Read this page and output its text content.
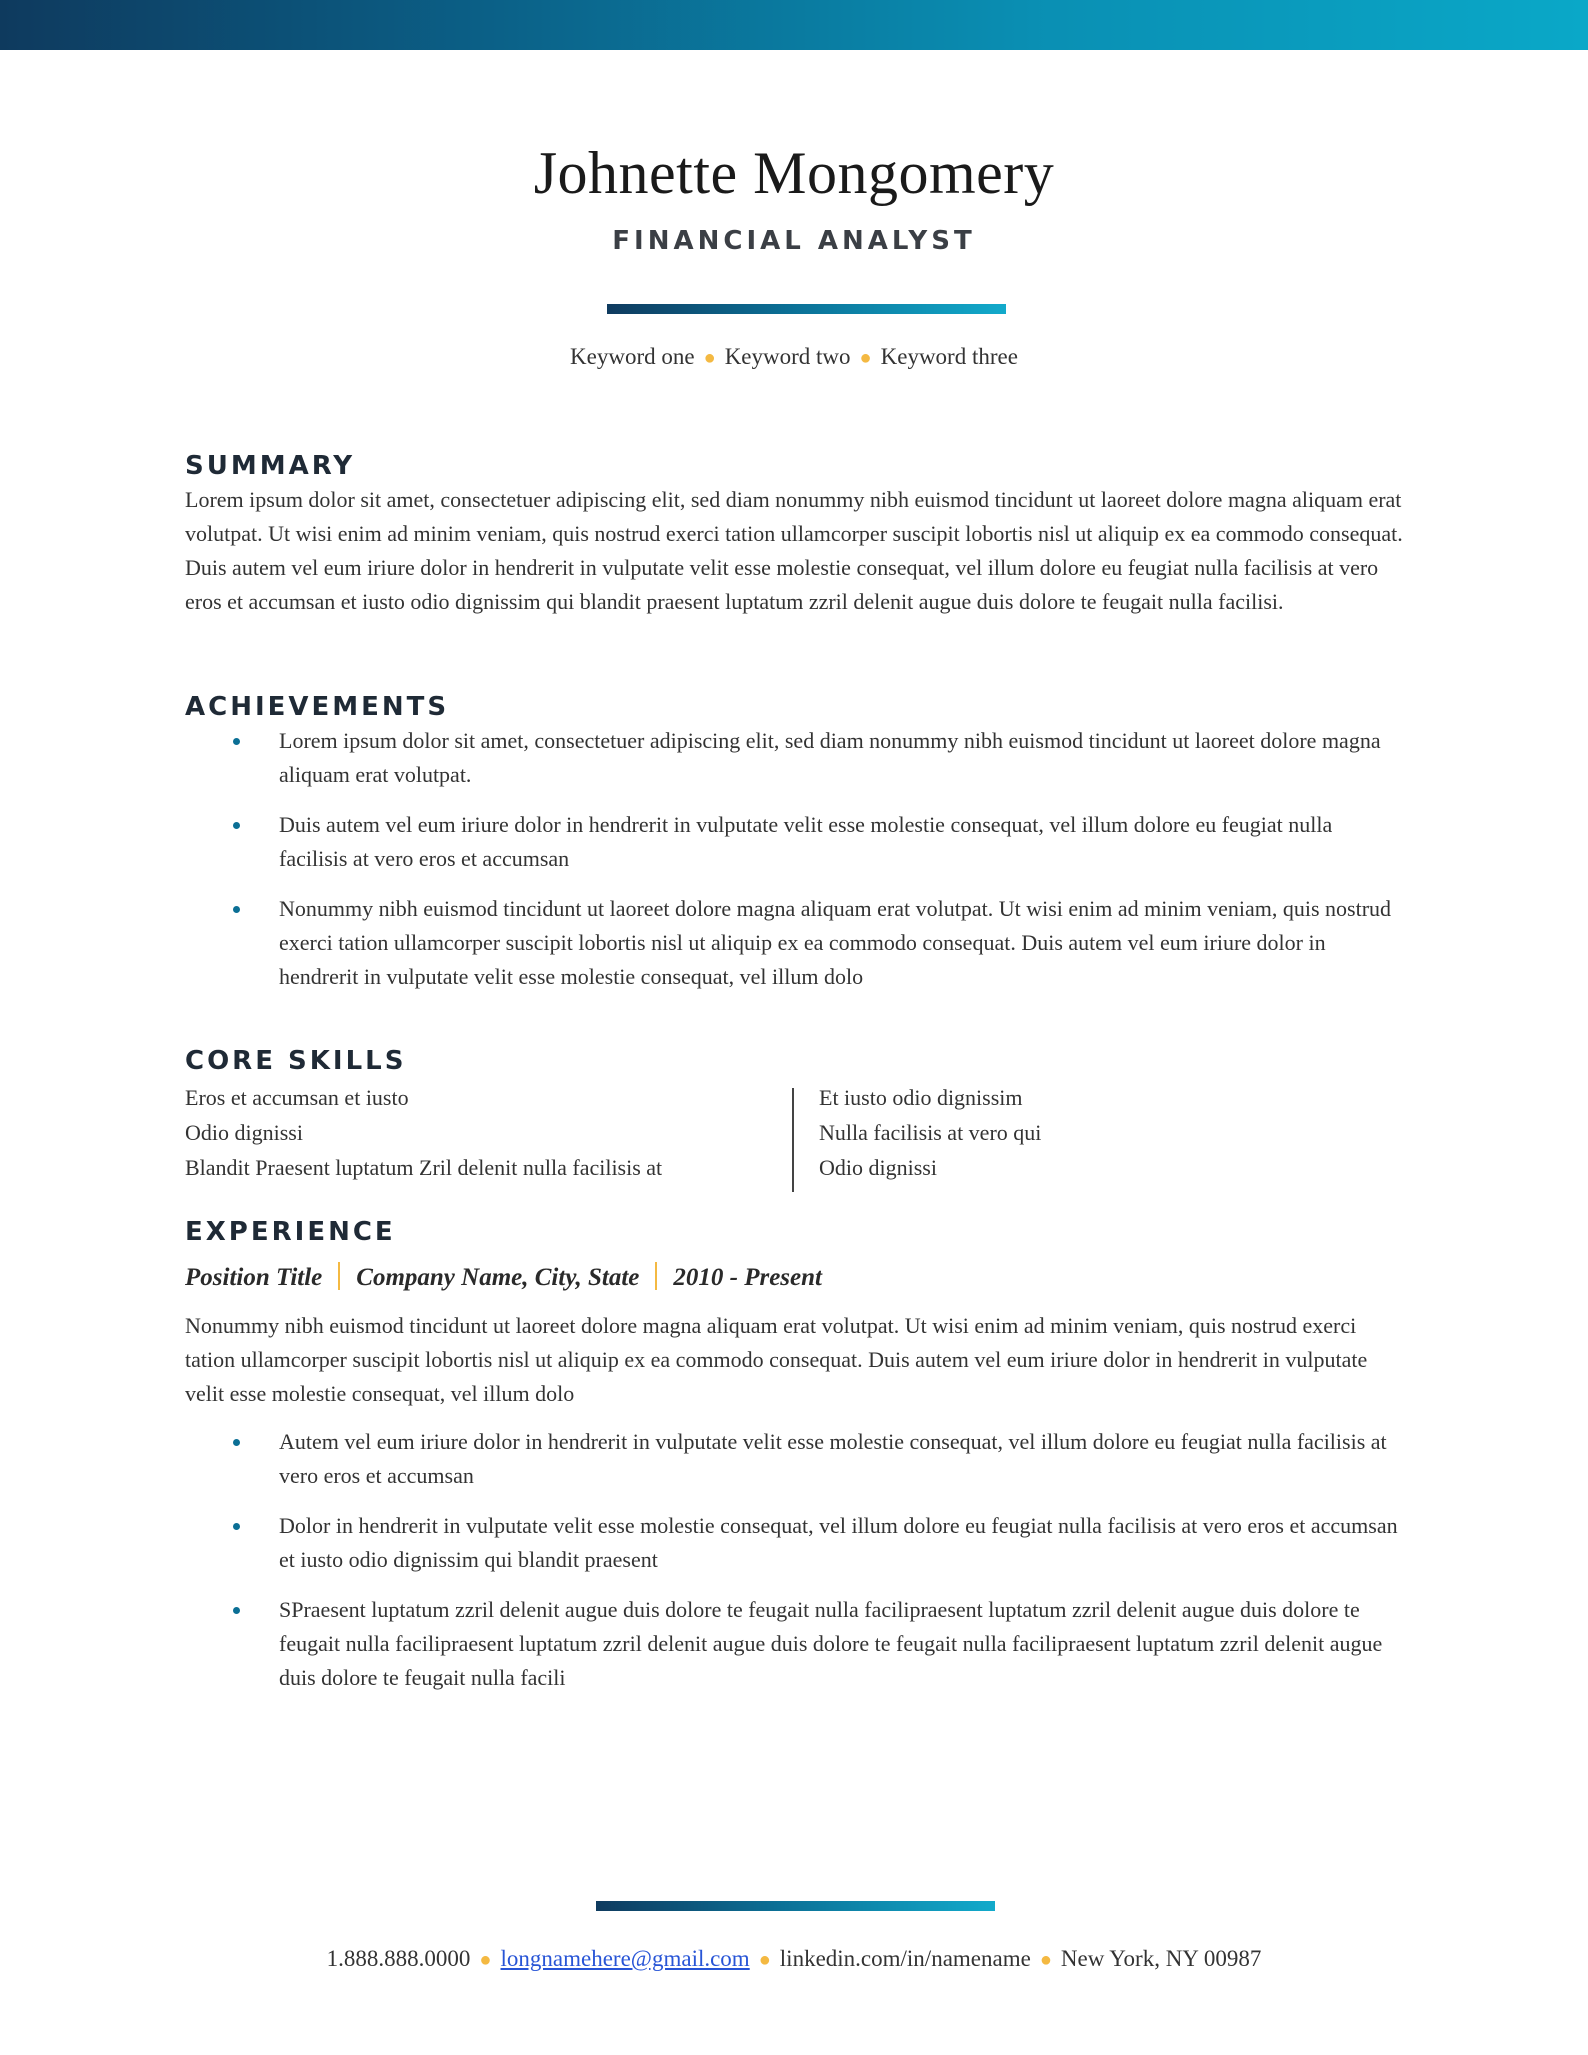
Johnette Mongomery
FINANCIAL ANALYST
Keyword one ● Keyword two ● Keyword three
SUMMARY

Lorem ipsum dolor sit amet, consectetuer adipiscing elit, sed diam nonummy nibh euismod tincidunt ut laoreet dolore magna aliquam erat volutpat. Ut wisi enim ad minim veniam, quis nostrud exerci tation ullamcorper suscipit lobortis nisl ut aliquip ex ea commodo consequat. Duis autem vel eum iriure dolor in hendrerit in vulputate velit esse molestie consequat, vel illum dolore eu feugiat nulla facilisis at vero eros et accumsan et iusto odio dignissim qui blandit praesent luptatum zzril delenit augue duis dolore te feugait nulla facilisi.

ACHIEVEMENTS
Lorem ipsum dolor sit amet, consectetuer adipiscing elit, sed diam nonummy nibh euismod tincidunt ut laoreet dolore magna aliquam erat volutpat.
Duis autem vel eum iriure dolor in hendrerit in vulputate velit esse molestie consequat, vel illum dolore eu feugiat nulla facilisis at vero eros et accumsan
Nonummy nibh euismod tincidunt ut laoreet dolore magna aliquam erat volutpat. Ut wisi enim ad minim veniam, quis nostrud exerci tation ullamcorper suscipit lobortis nisl ut aliquip ex ea commodo consequat. Duis autem vel eum iriure dolor in hendrerit in vulputate velit esse molestie consequat, vel illum dolo
CORE SKILLS
Eros et accumsan et iusto
Odio dignissi
Blandit Praesent luptatum Zril delenit nulla facilisis at
Et iusto odio dignissim
Nulla facilisis at vero qui
Odio dignissi
EXPERIENCE
Position Title Company Name, City, State 2010 - Present

Nonummy nibh euismod tincidunt ut laoreet dolore magna aliquam erat volutpat. Ut wisi enim ad minim veniam, quis nostrud exerci tation ullamcorper suscipit lobortis nisl ut aliquip ex ea commodo consequat. Duis autem vel eum iriure dolor in hendrerit in vulputate velit esse molestie consequat, vel illum dolo

Autem vel eum iriure dolor in hendrerit in vulputate velit esse molestie consequat, vel illum dolore eu feugiat nulla facilisis at vero eros et accumsan
Dolor in hendrerit in vulputate velit esse molestie consequat, vel illum dolore eu feugiat nulla facilisis at vero eros et accumsan et iusto odio dignissim qui blandit praesent
SPraesent luptatum zzril delenit augue duis dolore te feugait nulla facilipraesent luptatum zzril delenit augue duis dolore te feugait nulla facilipraesent luptatum zzril delenit augue duis dolore te feugait nulla facilipraesent luptatum zzril delenit augue duis dolore te feugait nulla facili
1.888.888.0000 ● longnamehere@gmail.com ● linkedin.com/in/namename ● New York, NY 00987
